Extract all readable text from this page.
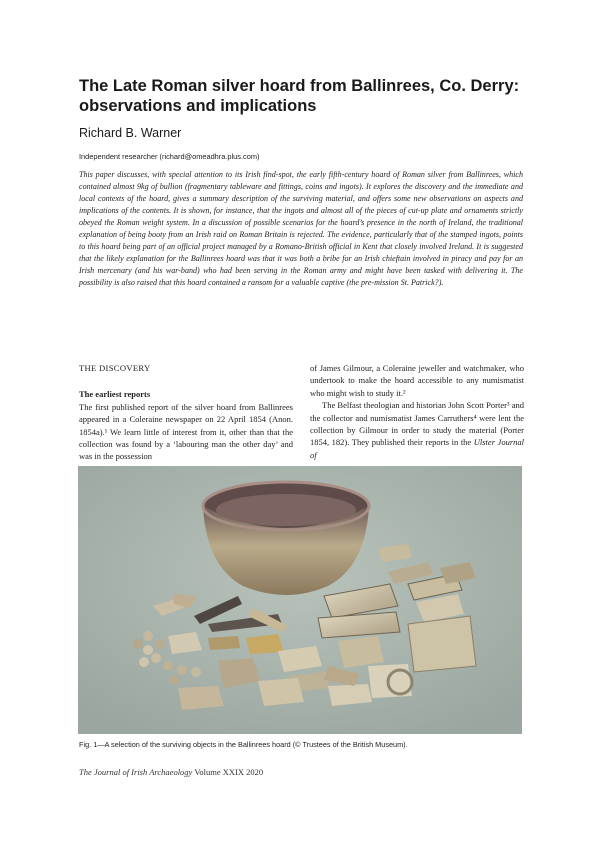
The Late Roman silver hoard from Ballinrees, Co. Derry: observations and implications

Richard B. Warner

Independent researcher (richard@omeadhra.plus.com)

This paper discusses, with special attention to its Irish find-spot, the early fifth-century hoard of Roman silver from Ballinrees, which contained almost 9kg of bullion (fragmentary tableware and fittings, coins and ingots). It explores the discovery and the immediate and local contexts of the hoard, gives a summary description of the surviving material, and offers some new observations on aspects and implications of the contents. It is shown, for instance, that the ingots and almost all of the pieces of cut-up plate and ornaments strictly obeyed the Roman weight system. In a discussion of possible scenarios for the hoard’s presence in the north of Ireland, the traditional explanation of being booty from an Irish raid on Roman Britain is rejected. The evidence, particularly that of the stamped ingots, points to this hoard being part of an official project managed by a Romano-British official in Kent that closely involved Ireland. It is suggested that the likely explanation for the Ballinrees hoard was that it was both a bribe for an Irish chieftain involved in piracy and pay for an Irish mercenary (and his war-band) who had been serving in the Roman army and might have been tasked with delivering it. The possibility is also raised that this hoard contained a ransom for a valuable captive (the pre-mission St. Patrick?).

THE DISCOVERY

The earliest reports

The first published report of the silver hoard from Ballinrees appeared in a Coleraine newspaper on 22 April 1854 (Anon. 1854a).¹ We learn little of interest from it, other than that the collection was found by a ‘labouring man the other day’ and was in the possession

of James Gilmour, a Coleraine jeweller and watchmaker, who undertook to make the hoard accessible to any numismatist who might wish to study it.²

The Belfast theologian and historian John Scott Porter³ and the collector and numismatist James Carruthers⁴ were lent the collection by Gilmour in order to study the material (Porter 1854, 182). They published their reports in the Ulster Journal of

Fig. 1—A selection of the surviving objects in the Ballinrees hoard (© Trustees of the British Museum).

The Journal of Irish Archaeology Volume XXIX 2020
